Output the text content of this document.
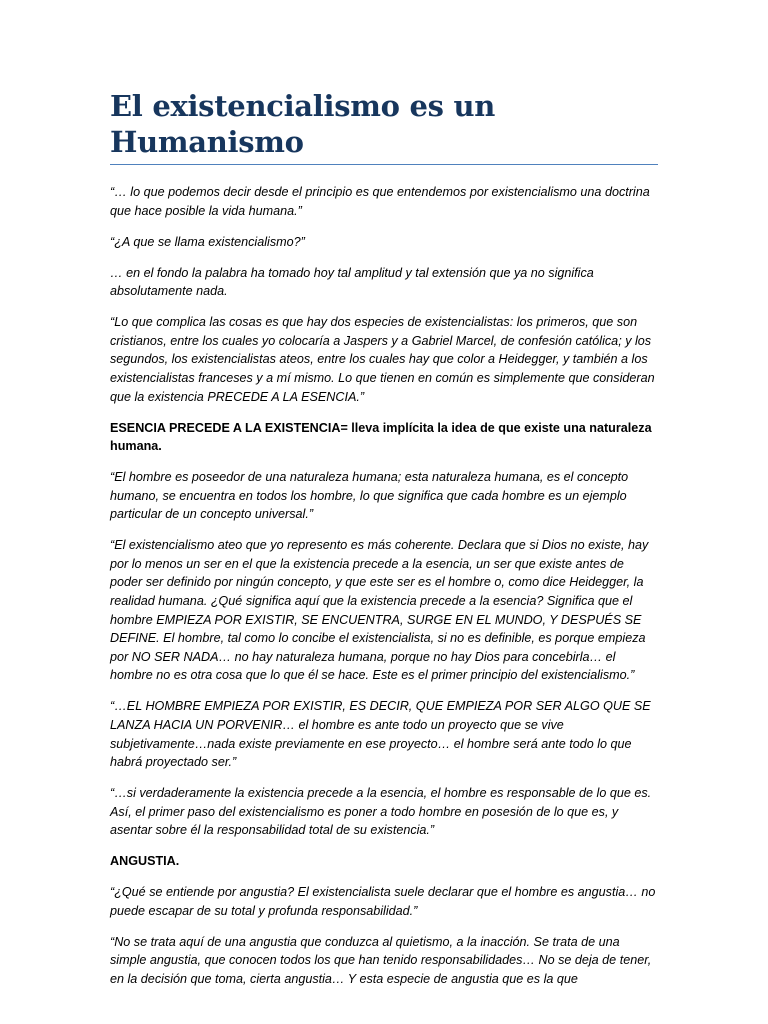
El existencialismo es un Humanismo

“… lo que podemos decir desde el principio es que entendemos por existencialismo una doctrina que hace posible la vida humana.”

“¿A que se llama existencialismo?”

… en el fondo la palabra ha tomado hoy tal amplitud y tal extensión que ya no significa absolutamente nada.

“Lo que complica las cosas es que hay dos especies de existencialistas: los primeros, que son cristianos, entre los cuales yo colocaría a Jaspers y a Gabriel Marcel, de confesión católica; y los segundos, los existencialistas ateos, entre los cuales hay que color a Heidegger, y también a los existencialistas franceses y a mí mismo. Lo que tienen en común es simplemente que consideran que la existencia PRECEDE A LA ESENCIA.”

ESENCIA PRECEDE A LA EXISTENCIA= lleva implícita la idea de que existe una naturaleza humana.

“El hombre es poseedor de una naturaleza humana; esta naturaleza humana, es el concepto humano, se encuentra en todos los hombre, lo que significa que cada hombre es un ejemplo particular de un concepto universal.”

“El existencialismo ateo que yo represento es más coherente. Declara que si Dios no existe, hay por lo menos un ser en el que la existencia precede a la esencia, un ser que existe antes de poder ser definido por ningún concepto, y que este ser es el hombre o, como dice Heidegger, la realidad humana. ¿Qué significa aquí que la existencia precede a la esencia? Significa que el hombre EMPIEZA POR EXISTIR, SE ENCUENTRA, SURGE EN EL MUNDO, Y DESPUÉS SE DEFINE. El hombre, tal como lo concibe el existencialista, si no es definible, es porque empieza por NO SER NADA… no hay naturaleza humana, porque no hay Dios para concebirla… el hombre no es otra cosa que lo que él se hace. Este es el primer principio del existencialismo.”

“…EL HOMBRE EMPIEZA POR EXISTIR, ES DECIR, QUE EMPIEZA POR SER ALGO QUE SE LANZA HACIA UN PORVENIR… el hombre es ante todo un proyecto que se vive subjetivamente…nada existe previamente en ese proyecto… el hombre será ante todo lo que habrá proyectado ser.”

“…si verdaderamente la existencia precede a la esencia, el hombre es responsable de lo que es. Así, el primer paso del existencialismo es poner a todo hombre en posesión de lo que es, y asentar sobre él la responsabilidad total de su existencia.”

ANGUSTIA.

“¿Qué se entiende por angustia? El existencialista suele declarar que el hombre es angustia… no puede escapar de su total y profunda responsabilidad.”

“No se trata aquí de una angustia que conduzca al quietismo, a la inacción. Se trata de una simple angustia, que conocen todos los que han tenido responsabilidades… No se deja de tener, en la decisión que toma, cierta angustia… Y esta especie de angustia que es la que
